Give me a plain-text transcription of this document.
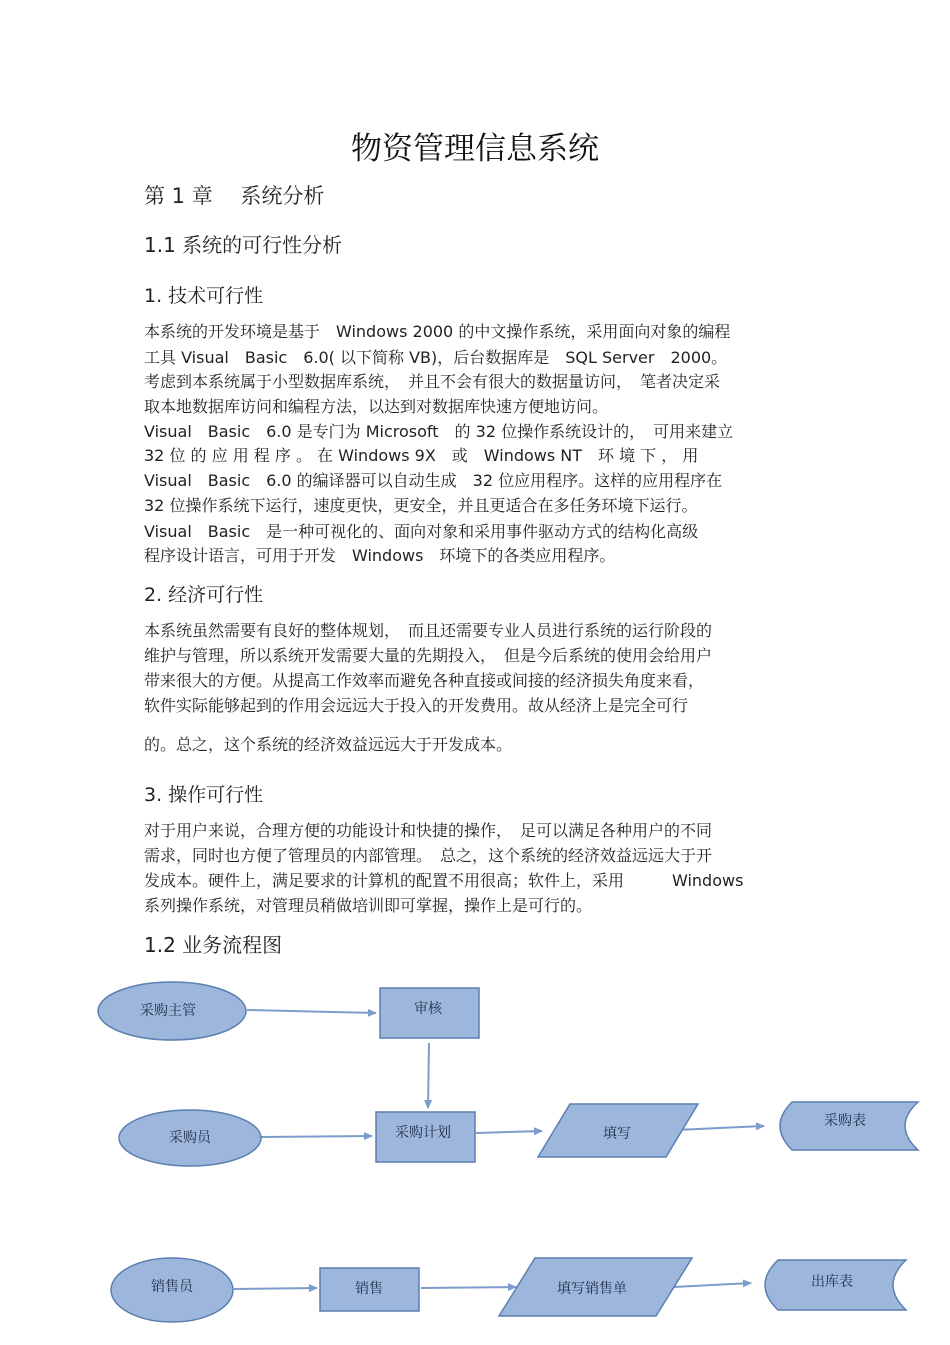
物资管理信息系统
第 1 章　 系统分析
1.1 系统的可行性分析
1. 技术可行性
本系统的开发环境是基于　Windows 2000 的中文操作系统，采用面向对象的编程
工具 Visual　Basic　6.0( 以下简称 VB)，后台数据库是　SQL Server　2000。
考虑到本系统属于小型数据库系统，　并且不会有很大的数据量访问，　笔者决定采
取本地数据库访问和编程方法，以达到对数据库快速方便地访问。
Visual　Basic　6.0 是专门为 Microsoft　的 32 位操作系统设计的，　可用来建立
32 位 的 应 用 程 序 。 在 Windows 9X　或　Windows NT　环 境 下 ， 用
Visual　Basic　6.0 的编译器可以自动生成　32 位应用程序。这样的应用程序在
32 位操作系统下运行，速度更快，更安全，并且更适合在多任务环境下运行。
Visual　Basic　是一种可视化的、面向对象和采用事件驱动方式的结构化高级
程序设计语言，可用于开发　Windows　环境下的各类应用程序。
2. 经济可行性
本系统虽然需要有良好的整体规划，　而且还需要专业人员进行系统的运行阶段的
维护与管理，所以系统开发需要大量的先期投入，　但是今后系统的使用会给用户
带来很大的方便。从提高工作效率而避免各种直接或间接的经济损失角度来看，
软件实际能够起到的作用会远远大于投入的开发费用。故从经济上是完全可行
的。总之，这个系统的经济效益远远大于开发成本。
3. 操作可行性
对于用户来说，合理方便的功能设计和快捷的操作，　足可以满足各种用户的不同
需求，同时也方便了管理员的内部管理。　总之，这个系统的经济效益远远大于开
发成本。硬件上，满足要求的计算机的配置不用很高；软件上，采用　　　Windows
系列操作系统，对管理员稍做培训即可掌握，操作上是可行的。
1.2 业务流程图
采购主管	审核
采购员	采购计划	填写
采购表
销售员	销售	填写销售单	出库表
